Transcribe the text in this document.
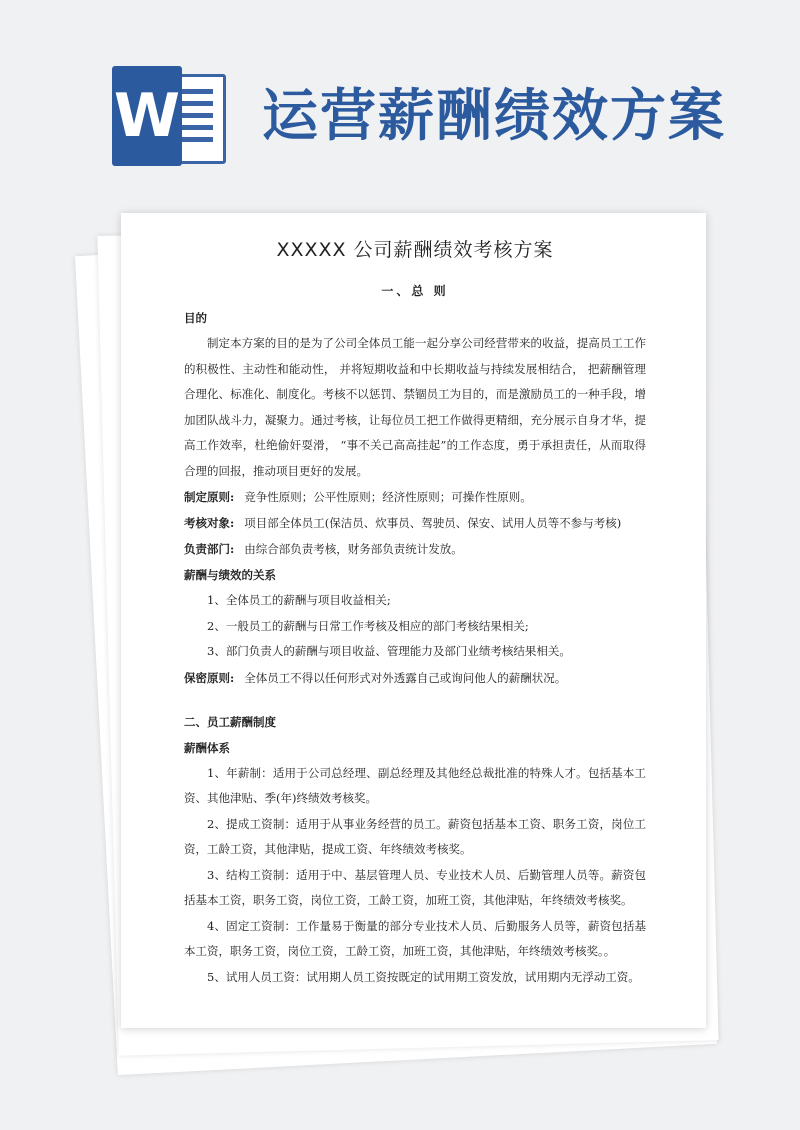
W 运营薪酬绩效方案
XXXXX 公司薪酬绩效考核方案
一、总 则
目的

制定本方案的目的是为了公司全体员工能一起分享公司经营带来的收益，提高员工工作的积极性、主动性和能动性， 并将短期收益和中长期收益与持续发展相结合， 把薪酬管理合理化、标准化、制度化。考核不以惩罚、禁锢员工为目的，而是激励员工的一种手段，增加团队战斗力，凝聚力。通过考核，让每位员工把工作做得更精细，充分展示自身才华，提高工作效率，杜绝偷奸耍滑， “事不关己高高挂起”的工作态度，勇于承担责任，从而取得合理的回报，推动项目更好的发展。

制定原则: 竞争性原则；公平性原则；经济性原则；可操作性原则。
考核对象: 项目部全体员工(保洁员、炊事员、驾驶员、保安、试用人员等不参与考核)
负责部门: 由综合部负责考核，财务部负责统计发放。
薪酬与绩效的关系

1、全体员工的薪酬与项目收益相关;

2、一般员工的薪酬与日常工作考核及相应的部门考核结果相关;

3、部门负责人的薪酬与项目收益、管理能力及部门业绩考核结果相关。

保密原则: 全体员工不得以任何形式对外透露自己或询问他人的薪酬状况。
二、员工薪酬制度
薪酬体系

1、年薪制：适用于公司总经理、副总经理及其他经总裁批准的特殊人才。包括基本工资、其他津贴、季(年)终绩效考核奖。

2、提成工资制：适用于从事业务经营的员工。薪资包括基本工资、职务工资，岗位工资，工龄工资，其他津贴，提成工资、年终绩效考核奖。

3、结构工资制：适用于中、基层管理人员、专业技术人员、后勤管理人员等。薪资包括基本工资，职务工资，岗位工资，工龄工资，加班工资，其他津贴，年终绩效考核奖。

4、固定工资制：工作量易于衡量的部分专业技术人员、后勤服务人员等，薪资包括基本工资，职务工资，岗位工资，工龄工资，加班工资，其他津贴，年终绩效考核奖。。

5、试用人员工资：试用期人员工资按既定的试用期工资发放，试用期内无浮动工资。
